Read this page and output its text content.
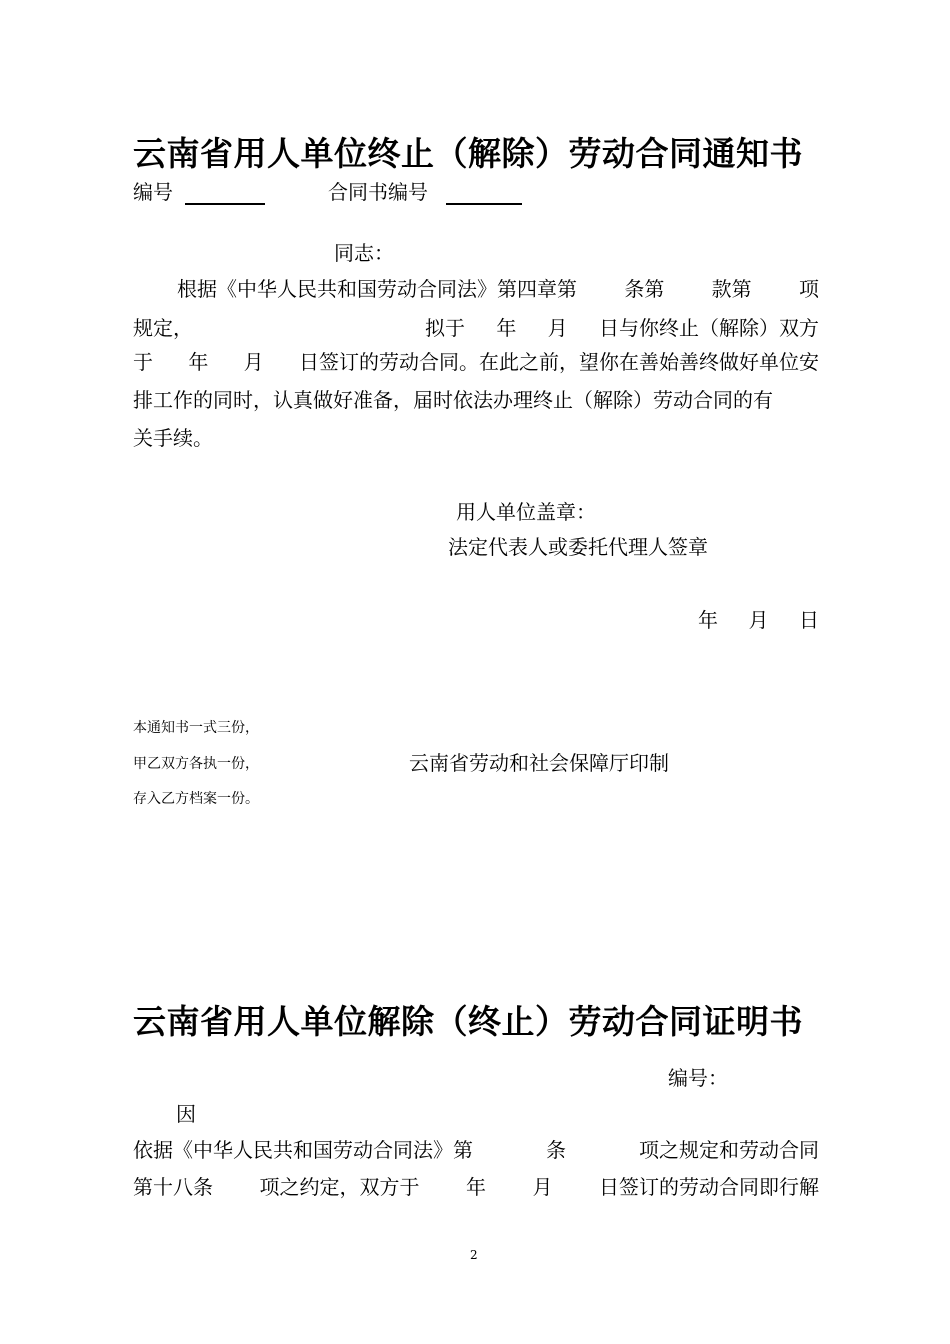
云南省用人单位终止（解除）劳动合同通知书
编号	合同书编号
同志：
根据《中华人民共和国劳动合同法》第四章第 条第 款第 项
规定，	拟于 年 月 日与你终止（解除）双方
于 年 月 日签订的劳动合同。在此之前，望你在善始善终做好单位安
排工作的同时，认真做好准备，届时依法办理终止（解除）劳动合同的有
关手续。
用人单位盖章：
法定代表人或委托代理人签章
年 月 日
本通知书一式三份，
甲乙双方各执一份，
存入乙方档案一份。
云南省劳动和社会保障厅印制
云南省用人单位解除（终止）劳动合同证明书
编号：
因
依据《中华人民共和国劳动合同法》第	条	项之规定和劳动合同
第十八条 项之约定，双方于 年 月 日签订的劳动合同即行解
2
